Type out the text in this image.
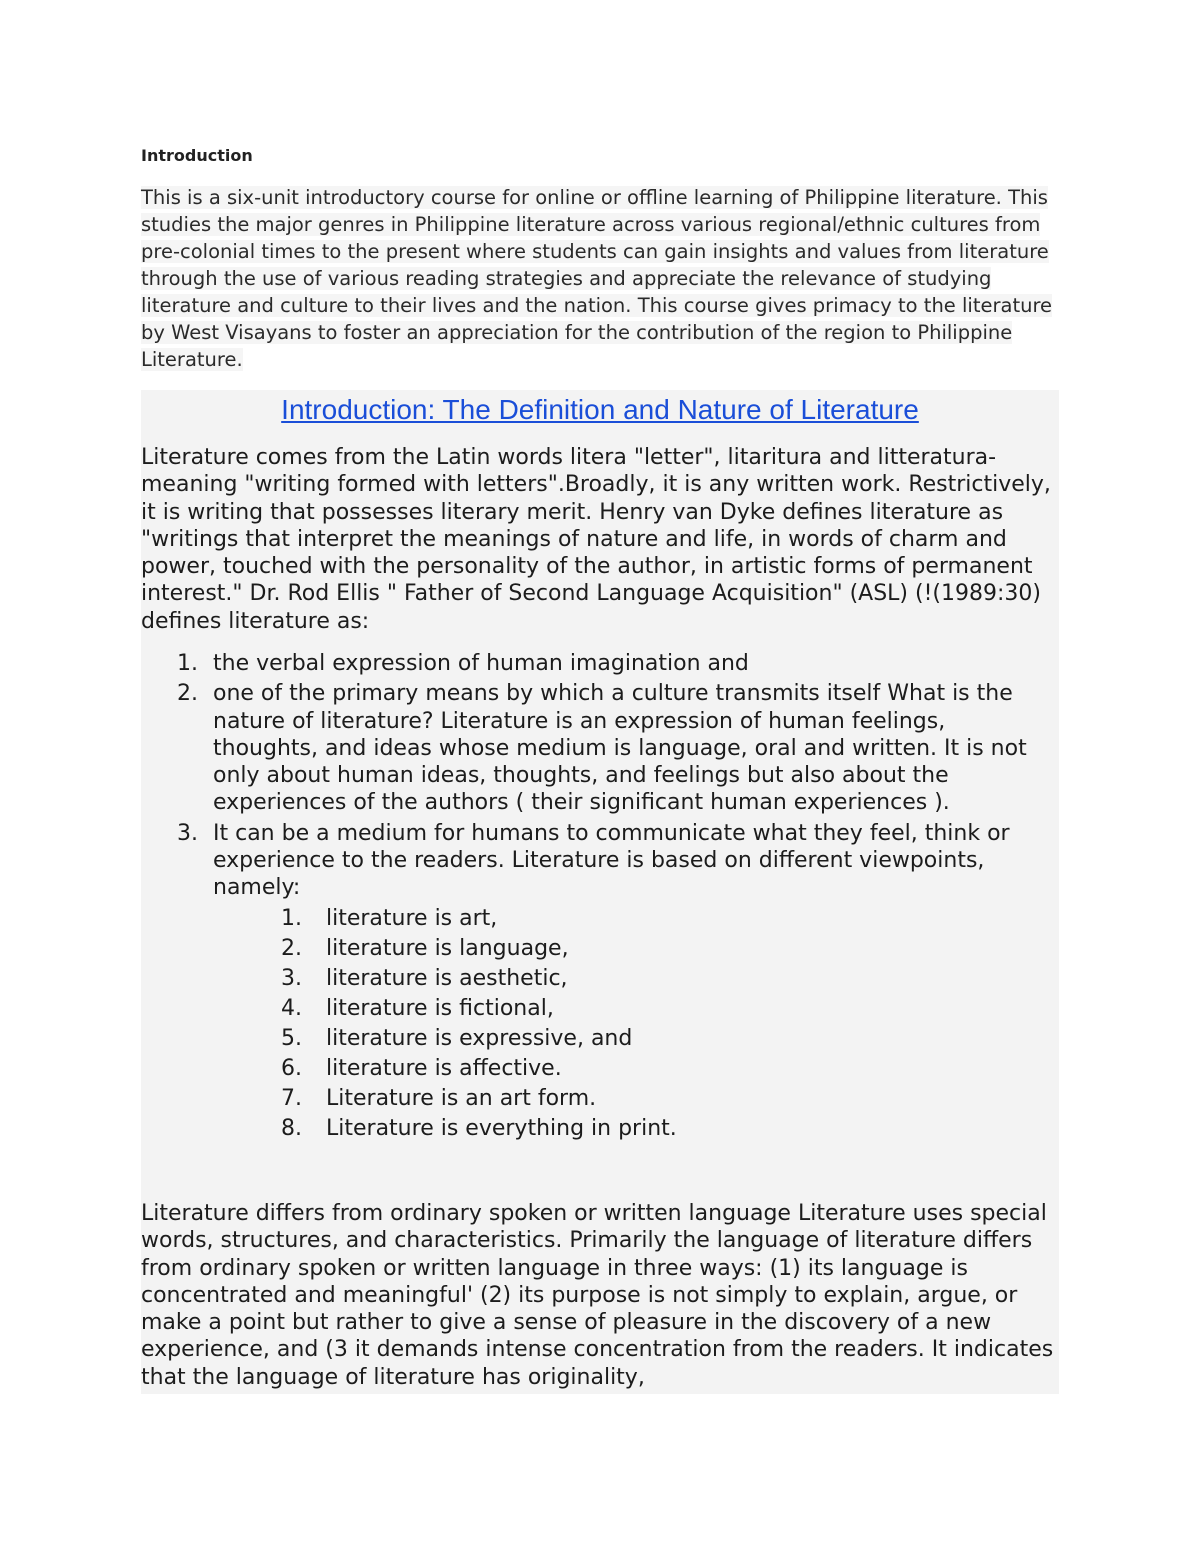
Introduction

This is a six-unit introductory course for online or offline learning of Philippine literature. This studies the major genres in Philippine literature across various regional/ethnic cultures from pre-colonial times to the present where students can gain insights and values from literature through the use of various reading strategies and appreciate the relevance of studying literature and culture to their lives and the nation. This course gives primacy to the literature by West Visayans to foster an appreciation for the contribution of the region to Philippine Literature.

Introduction: The Definition and Nature of Literature

Literature comes from the Latin words litera "letter", litaritura and litteratura- meaning "writing formed with letters".Broadly, it is any written work. Restrictively, it is writing that possesses literary merit. Henry van Dyke defines literature as "writings that interpret the meanings of nature and life, in words of charm and power, touched with the personality of the author, in artistic forms of permanent interest." Dr. Rod Ellis " Father of Second Language Acquisition" (ASL) (!(1989:30) defines literature as:

1. the verbal expression of human imagination and
2. one of the primary means by which a culture transmits itself What is the nature of literature? Literature is an expression of human feelings, thoughts, and ideas whose medium is language, oral and written. It is not only about human ideas, thoughts, and feelings but also about the experiences of the authors ( their significant human experiences ).
3. It can be a medium for humans to communicate what they feel, think or experience to the readers. Literature is based on different viewpoints, namely:
1.	literature is art,
2.	literature is language,
3.	literature is aesthetic,
4.	literature is fictional,
5.	literature is expressive, and
6.	literature is affective.
7.	Literature is an art form.
8.	Literature is everything in print.

Literature differs from ordinary spoken or written language Literature uses special words, structures, and characteristics. Primarily the language of literature differs from ordinary spoken or written language in three ways: (1) its language is concentrated and meaningful' (2) its purpose is not simply to explain, argue, or make a point but rather to give a sense of pleasure in the discovery of a new experience, and (3 it demands intense concentration from the readers. It indicates that the language of literature has originality,
